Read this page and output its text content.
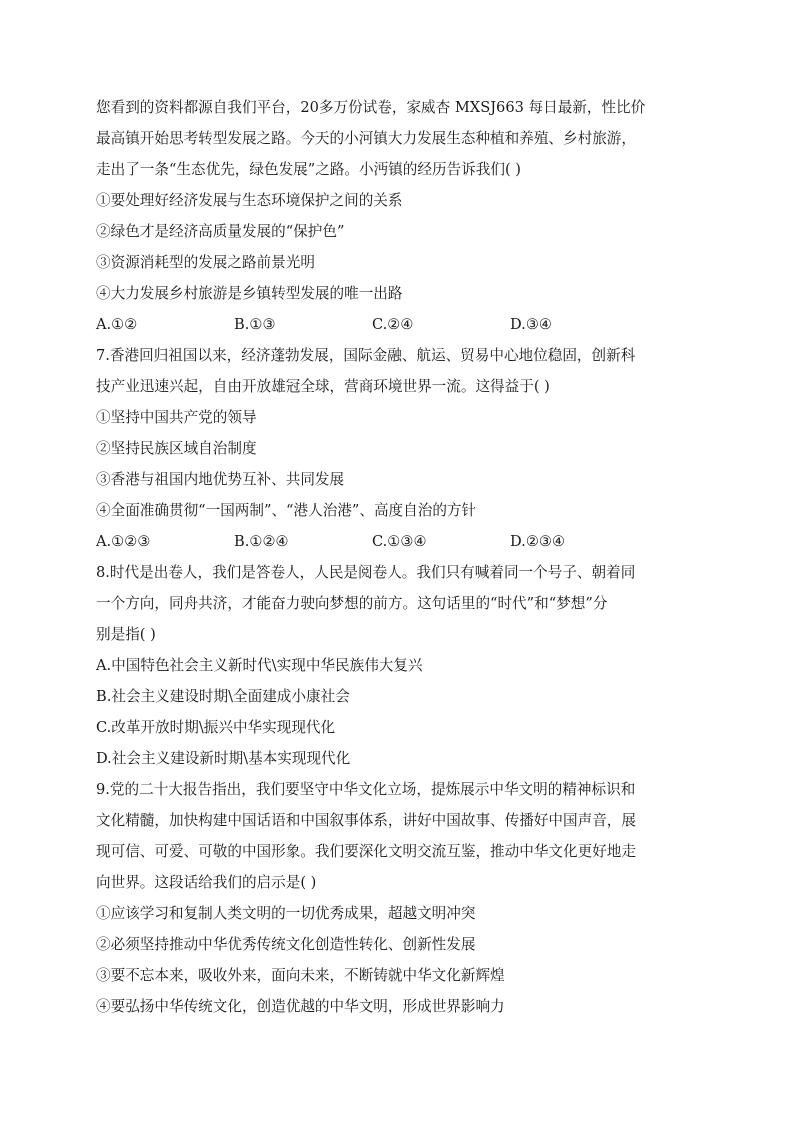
您看到的资料都源自我们平台，20多万份试卷，家威杏 MXSJ663 每日最新，性比价
最高镇开始思考转型发展之路。今天的小河镇大力发展生态种植和养殖、乡村旅游，
走出了一条“生态优先，绿色发展”之路。小沔镇的经历告诉我们( )
①要处理好经济发展与生态环境保护之间的关系
②绿色才是经济高质量发展的“保护色”
③资源消耗型的发展之路前景光明
④大力发展乡村旅游是乡镇转型发展的唯一出路
A.①②	B.①③	C.②④	D.③④
7.香港回归祖国以来，经济蓬勃发展，国际金融、航运、贸易中心地位稳固，创新科
技产业迅速兴起，自由开放雄冠全球，营商环境世界一流。这得益于( )
①坚持中国共产党的领导
②坚持民族区域自治制度
③香港与祖国内地优势互补、共同发展
④全面准确贯彻“一国两制”、“港人治港”、高度自治的方针
A.①②③	B.①②④	C.①③④	D.②③④
8.时代是出卷人，我们是答卷人，人民是阅卷人。我们只有喊着同一个号子、朝着同
一个方向，同舟共济，才能奋力驶向梦想的前方。这句话里的“时代”和“梦想”分
别是指( )
A.中国特色社会主义新时代\实现中华民族伟大复兴
B.社会主义建设时期\全面建成小康社会
C.改革开放时期\振兴中华实现现代化
D.社会主义建设新时期\基本实现现代化
9.党的二十大报告指出，我们要坚守中华文化立场，提炼展示中华文明的精神标识和
文化精髓，加快构建中国话语和中国叙事体系，讲好中国故事、传播好中国声音，展
现可信、可爱、可敬的中国形象。我们要深化文明交流互鉴，推动中华文化更好地走
向世界。这段话给我们的启示是( )
①应该学习和复制人类文明的一切优秀成果，超越文明冲突
②必须坚持推动中华优秀传统文化创造性转化、创新性发展
③要不忘本来，吸收外来，面向未来，不断铸就中华文化新辉煌
④要弘扬中华传统文化，创造优越的中华文明，形成世界影响力
